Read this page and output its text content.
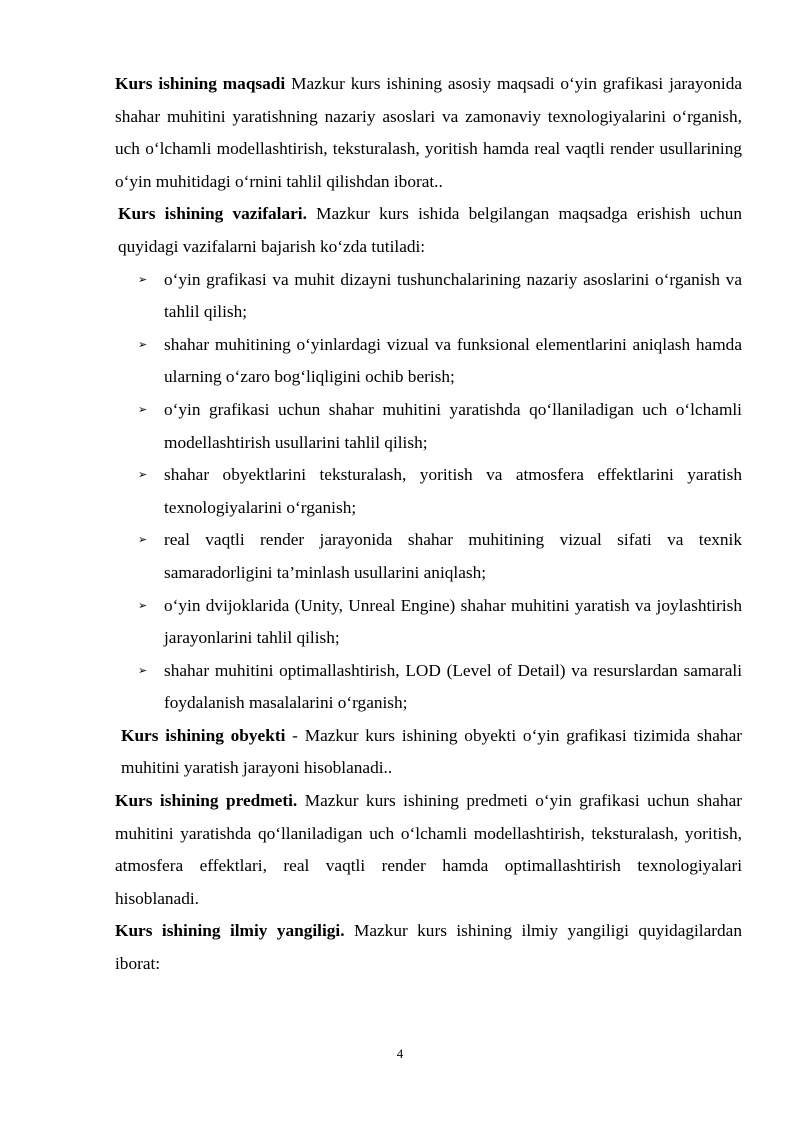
Kurs ishining maqsadi Mazkur kurs ishining asosiy maqsadi o‘yin grafikasi jarayonida shahar muhitini yaratishning nazariy asoslari va zamonaviy texnologiyalarini o‘rganish, uch o‘lchamli modellashtirish, teksturalash, yoritish hamda real vaqtli render usullarining o‘yin muhitidagi o‘rnini tahlil qilishdan iborat..

Kurs ishining vazifalari. Mazkur kurs ishida belgilangan maqsadga erishish uchun quyidagi vazifalarni bajarish ko‘zda tutiladi:

➢ o‘yin grafikasi va muhit dizayni tushunchalarining nazariy asoslarini o‘rganish va tahlil qilish;
➢ shahar muhitining o‘yinlardagi vizual va funksional elementlarini aniqlash hamda ularning o‘zaro bog‘liqligini ochib berish;
➢ o‘yin grafikasi uchun shahar muhitini yaratishda qo‘llaniladigan uch o‘lchamli modellashtirish usullarini tahlil qilish;
➢ shahar obyektlarini teksturalash, yoritish va atmosfera effektlarini yaratish texnologiyalarini o‘rganish;
➢ real vaqtli render jarayonida shahar muhitining vizual sifati va texnik samaradorligini ta’minlash usullarini aniqlash;
➢ o‘yin dvijoklarida (Unity, Unreal Engine) shahar muhitini yaratish va joylashtirish jarayonlarini tahlil qilish;
➢ shahar muhitini optimallashtirish, LOD (Level of Detail) va resurslardan samarali foydalanish masalalarini o‘rganish;

Kurs ishining obyekti - Mazkur kurs ishining obyekti o‘yin grafikasi tizimida shahar muhitini yaratish jarayoni hisoblanadi..

Kurs ishining predmeti. Mazkur kurs ishining predmeti o‘yin grafikasi uchun shahar muhitini yaratishda qo‘llaniladigan uch o‘lchamli modellashtirish, teksturalash, yoritish, atmosfera effektlari, real vaqtli render hamda optimallashtirish texnologiyalari hisoblanadi.

Kurs ishining ilmiy yangiligi. Mazkur kurs ishining ilmiy yangiligi quyidagilardan iborat:

4
